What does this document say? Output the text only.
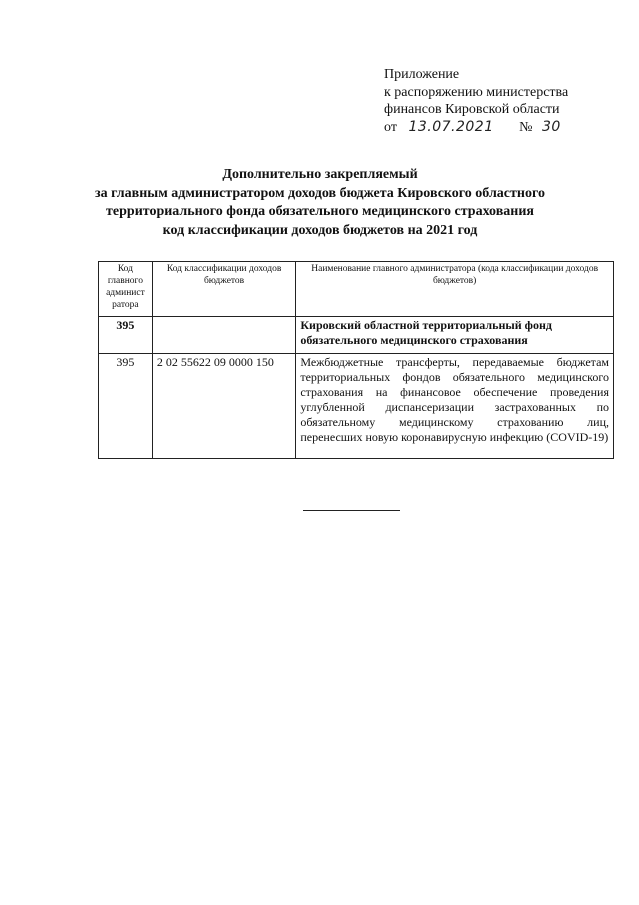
Приложение
к распоряжению министерства
финансов Кировской области
от 13.07.2021 № 30
Дополнительно закрепляемый
за главным администратором доходов бюджета Кировского областного
территориального фонда обязательного медицинского страхования
код классификации доходов бюджетов на 2021 год
Код главного админист ратора	Код классификации доходов бюджетов	Наименование главного администратора (кода классификации доходов бюджетов)
395		Кировский областной территориальный фонд обязательного медицинского страхования
395	2 02 55622 09 0000 150	Межбюджетные трансферты, передаваемые бюджетам территориальных фондов обязательного медицинского страхования на финансовое обеспечение проведения углубленной диспансеризации застрахованных по обязательному медицинскому страхованию лиц, перенесших новую коронавирусную инфекцию (COVID-19)
